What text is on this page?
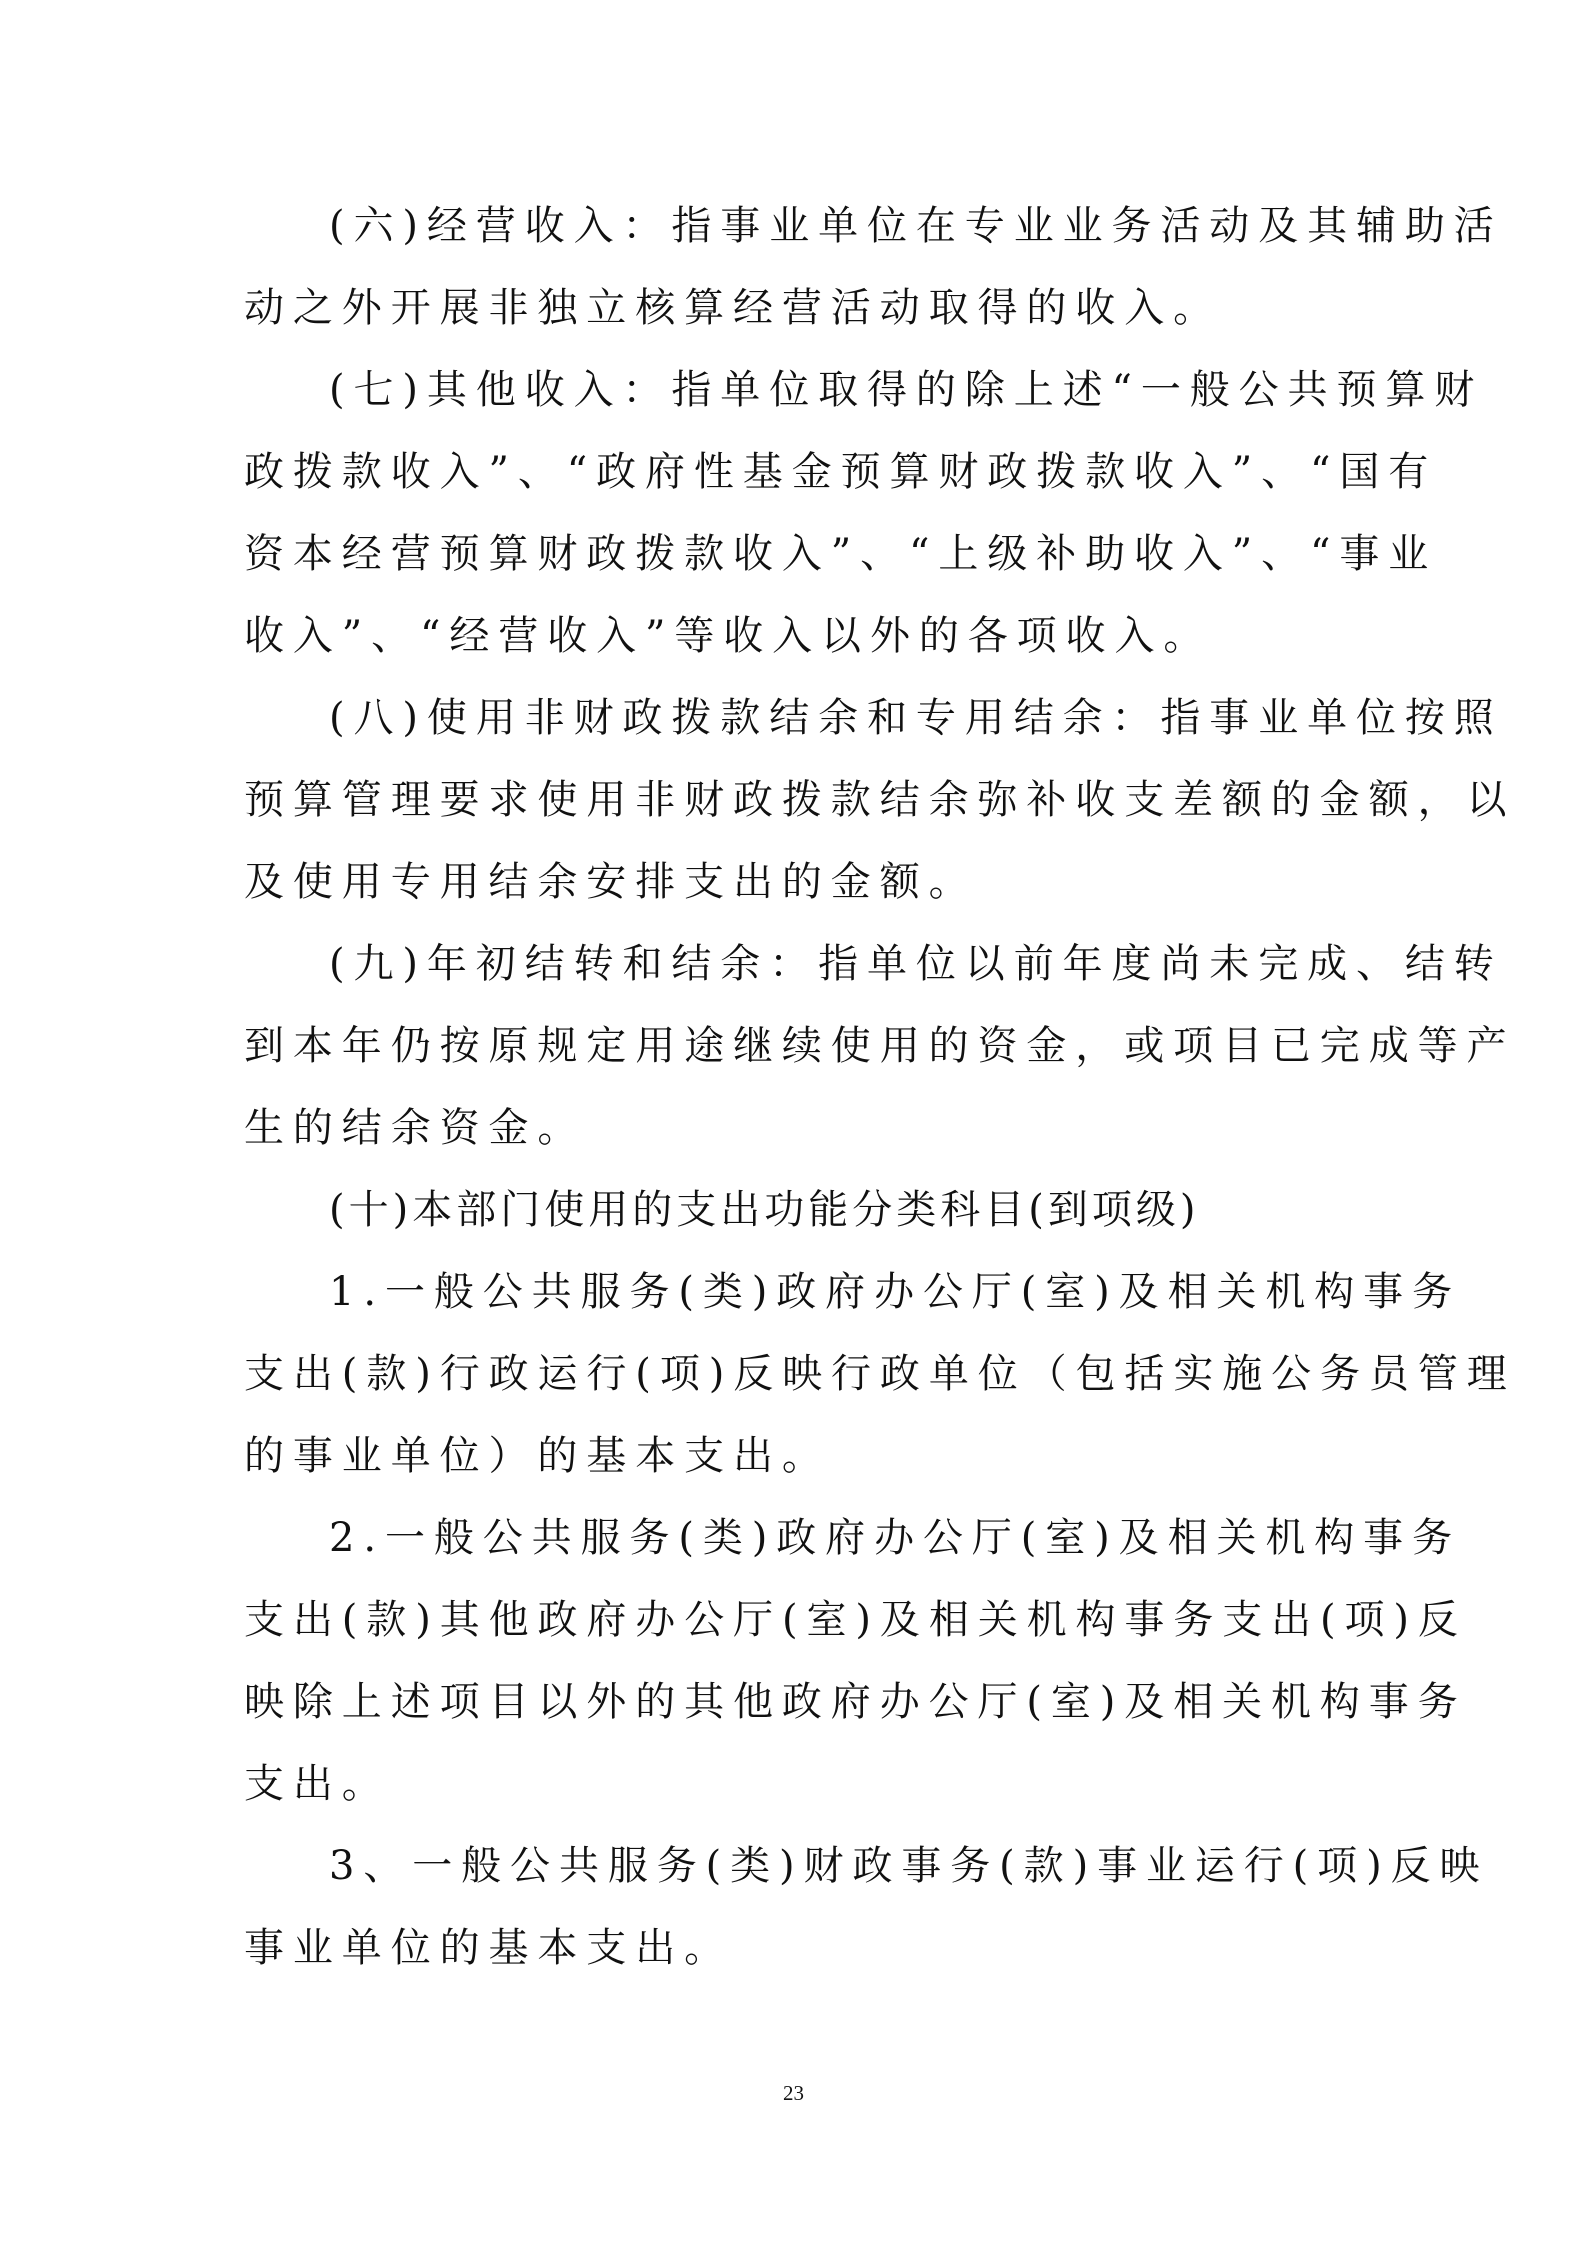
(六)经营收入：指事业单位在专业业务活动及其辅助活
动之外开展非独立核算经营活动取得的收入。
(七)其他收入：指单位取得的除上述“一般公共预算财
政拨款收入”、“政府性基金预算财政拨款收入”、“国有
资本经营预算财政拨款收入”、“上级补助收入”、“事业
收入”、“经营收入”等收入以外的各项收入。
(八)使用非财政拨款结余和专用结余：指事业单位按照
预算管理要求使用非财政拨款结余弥补收支差额的金额，以
及使用专用结余安排支出的金额。
(九)年初结转和结余：指单位以前年度尚未完成、结转
到本年仍按原规定用途继续使用的资金，或项目已完成等产
生的结余资金。
(十)本部门使用的支出功能分类科目(到项级)
1.一般公共服务(类)政府办公厅(室)及相关机构事务
支出(款)行政运行(项)反映行政单位（包括实施公务员管理
的事业单位）的基本支出。
2.一般公共服务(类)政府办公厅(室)及相关机构事务
支出(款)其他政府办公厅(室)及相关机构事务支出(项)反
映除上述项目以外的其他政府办公厅(室)及相关机构事务
支出。
3、一般公共服务(类)财政事务(款)事业运行(项)反映
事业单位的基本支出。
23
